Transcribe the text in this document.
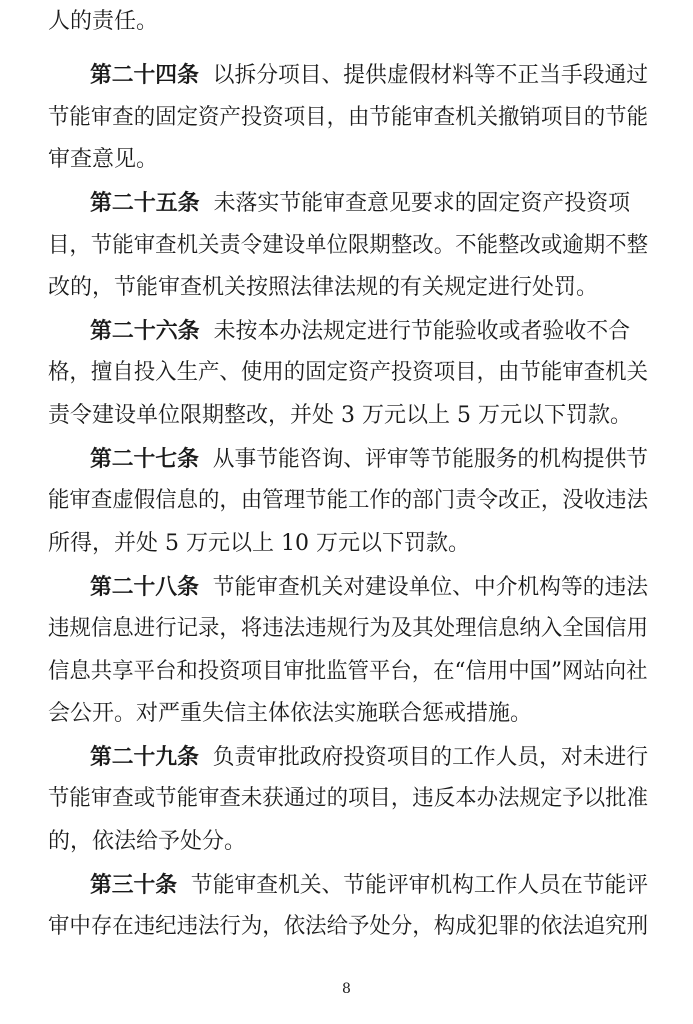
人的责任。
第二十四条 以拆分项目、提供虚假材料等不正当手段通过
节能审查的固定资产投资项目，由节能审查机关撤销项目的节能
审查意见。
第二十五条 未落实节能审查意见要求的固定资产投资项
目，节能审查机关责令建设单位限期整改。不能整改或逾期不整
改的，节能审查机关按照法律法规的有关规定进行处罚。
第二十六条 未按本办法规定进行节能验收或者验收不合
格，擅自投入生产、使用的固定资产投资项目，由节能审查机关
责令建设单位限期整改，并处 3 万元以上 5 万元以下罚款。
第二十七条 从事节能咨询、评审等节能服务的机构提供节
能审查虚假信息的，由管理节能工作的部门责令改正，没收违法
所得，并处 5 万元以上 10 万元以下罚款。
第二十八条 节能审查机关对建设单位、中介机构等的违法
违规信息进行记录，将违法违规行为及其处理信息纳入全国信用
信息共享平台和投资项目审批监管平台，在“信用中国”网站向社
会公开。对严重失信主体依法实施联合惩戒措施。
第二十九条 负责审批政府投资项目的工作人员，对未进行
节能审查或节能审查未获通过的项目，违反本办法规定予以批准
的，依法给予处分。
第三十条 节能审查机关、节能评审机构工作人员在节能评
审中存在违纪违法行为，依法给予处分，构成犯罪的依法追究刑
8
